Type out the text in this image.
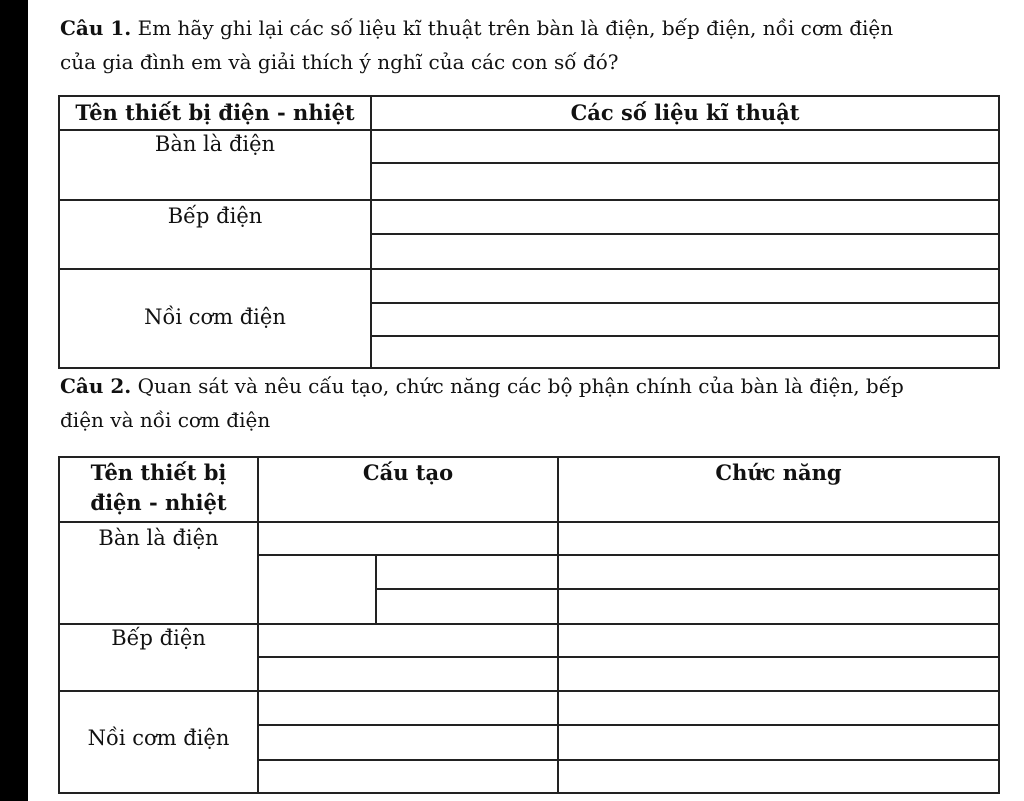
Câu 1. Em hãy ghi lại các số liệu kĩ thuật trên bàn là điện, bếp điện, nồi cơm điện
của gia đình em và giải thích ý nghĩ của các con số đó?
Tên thiết bị điện - nhiệt	Các số liệu kĩ thuật
Bàn là điện
Bếp điện
Nồi cơm điện
Câu 2. Quan sát và nêu cấu tạo, chức năng các bộ phận chính của bàn là điện, bếp
điện và nồi cơm điện
Tên thiết bị
điện - nhiệt
Cấu tạo	Chức năng
Bàn là điện
Bếp điện
Nồi cơm điện
